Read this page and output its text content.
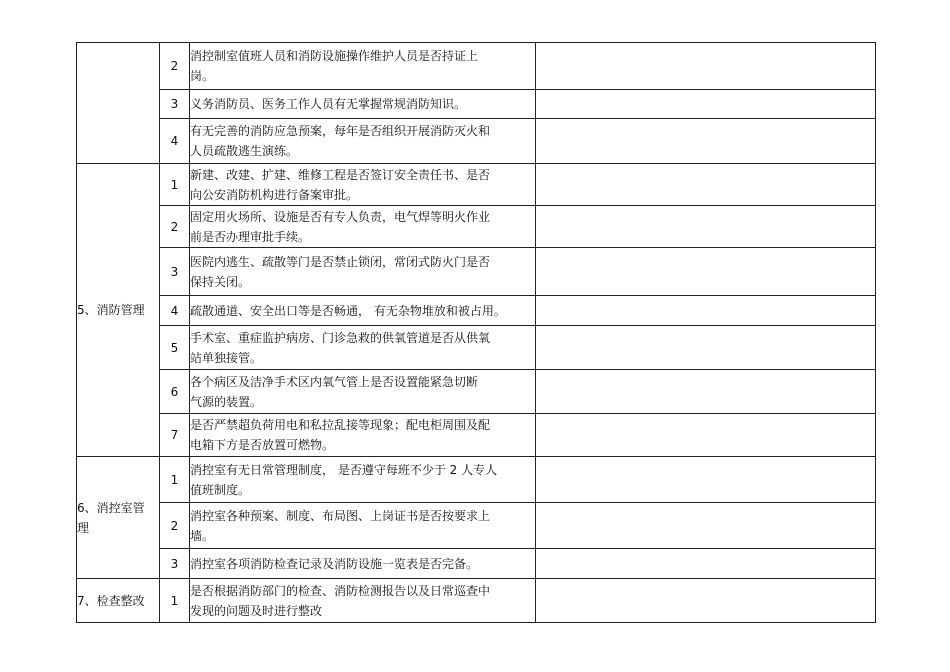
	2	消控制室值班人员和消防设施操作维护人员是否持证上
岗。	
	3	义务消防员、医务工作人员有无掌握常规消防知识。	
	4	有无完善的消防应急预案，每年是否组织开展消防灭火和
人员疏散逃生演练。	
5、消防管理	1	新建、改建、扩建、维修工程是否签订安全责任书、是否
向公安消防机构进行备案审批。	
	2	固定用火场所、设施是否有专人负责，电气焊等明火作业
前是否办理审批手续。	
	3	医院内逃生、疏散等门是否禁止锁闭，常闭式防火门是否
保持关闭。	
	4	疏散通道、安全出口等是否畅通， 有无杂物堆放和被占用。	
	5	手术室、重症监护病房、门诊急救的供氧管道是否从供氧
站单独接管。	
	6	各个病区及洁净手术区内氧气管上是否设置能紧急切断
气源的装置。	
	7	是否严禁超负荷用电和私拉乱接等现象；配电柜周围及配
电箱下方是否放置可燃物。	
6、消控室管
理	1	消控室有无日常管理制度， 是否遵守每班不少于 2 人专人
值班制度。	
	2	消控室各种预案、制度、布局图、上岗证书是否按要求上
墙。	
	3	消控室各项消防检查记录及消防设施一览表是否完备。	
7、检查整改	1	是否根据消防部门的检查、消防检测报告以及日常巡查中
发现的问题及时进行整改	
